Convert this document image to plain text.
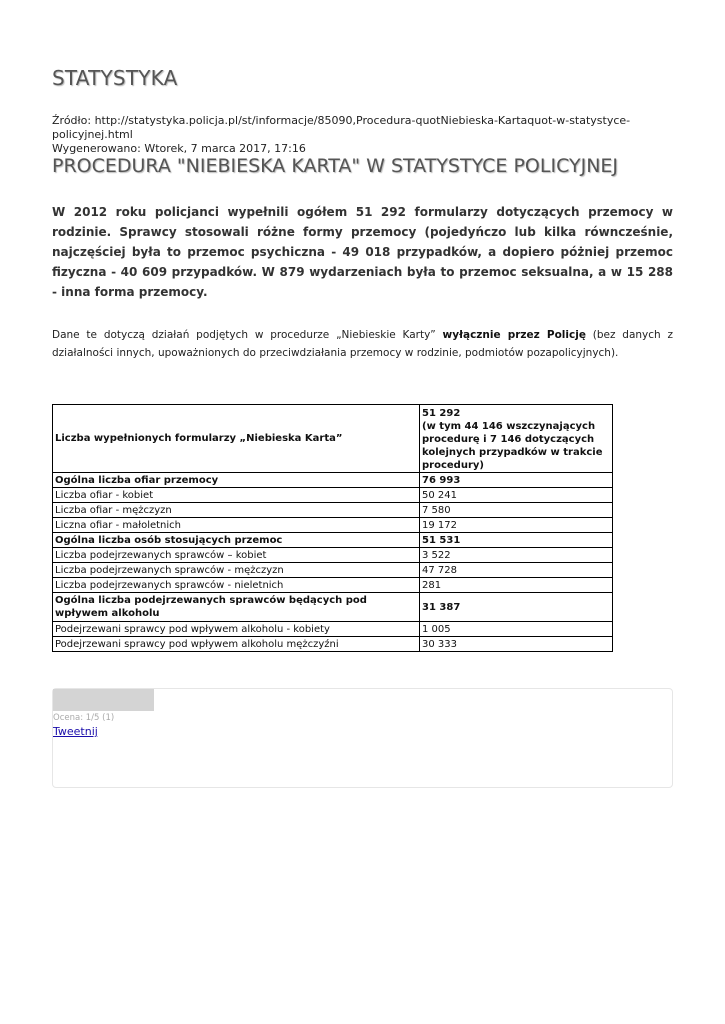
STATYSTYKA
Źródło: http://statystyka.policja.pl/st/informacje/85090,Procedura-quotNiebieska-Kartaquot-w-statystyce-policyjnej.html
Wygenerowano: Wtorek, 7 marca 2017, 17:16
PROCEDURA "NIEBIESKA KARTA" W STATYSTYCE POLICYJNEJ

W 2012 roku policjanci wypełnili ogółem 51 292 formularzy dotyczących przemocy w rodzinie. Sprawcy stosowali różne formy przemocy (pojedyńczo lub kilka równcześnie, najczęściej była to przemoc psychiczna - 49 018 przypadków, a dopiero póżniej przemoc fizyczna - 40 609 przypadków. W 879 wydarzeniach była to przemoc seksualna, a w 15 288 - inna forma przemocy.

Dane te dotyczą działań podjętych w procedurze „Niebieskie Karty” wyłącznie przez Policję (bez danych z działalności innych, upoważnionych do przeciwdziałania przemocy w rodzinie, podmiotów pozapolicyjnych).

Liczba wypełnionych formularzy „Niebieska Karta”	51 292
(w tym 44 146 wszczynających procedurę i 7 146 dotyczących kolejnych przypadków w trakcie procedury)

Ogólna liczba ofiar przemocy	76 993
Liczba ofiar - kobiet	50 241
Liczba ofiar - mężczyzn	7 580
Liczna ofiar - małoletnich	19 172
Ogólna liczba osób stosujących przemoc	51 531
Liczba podejrzewanych sprawców – kobiet	3 522
Liczba podejrzewanych sprawców - mężczyzn	47 728
Liczba podejrzewanych sprawców - nieletnich	281
Ogólna liczba podejrzewanych sprawców będących pod wpływem alkoholu	31 387
Podejrzewani sprawcy pod wpływem alkoholu - kobiety	1 005
Podejrzewani sprawcy pod wpływem alkoholu mężczyźni	30 333
Ocena: 1/5 (1)
Tweetnij
